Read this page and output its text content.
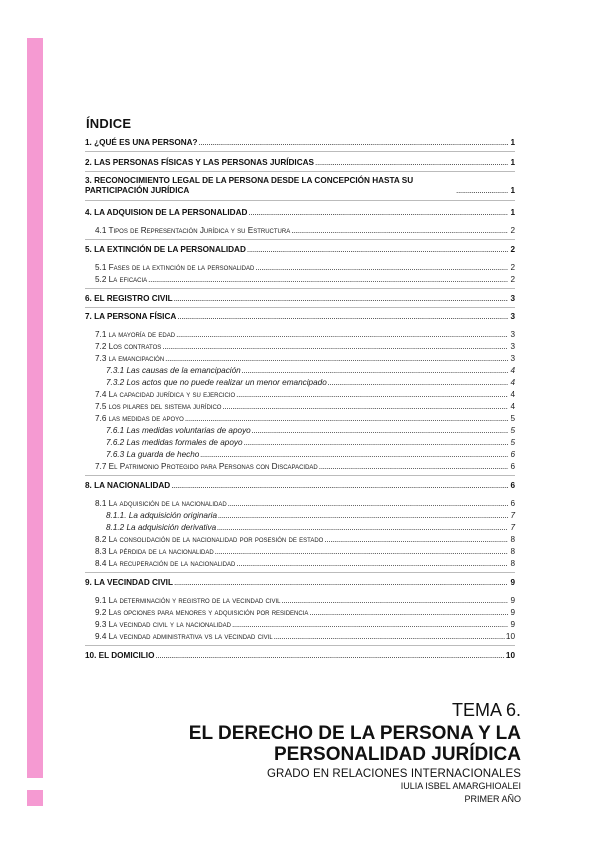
ÍNDICE
1. ¿QUÉ ES UNA PERSONA? . . .	1
2. LAS PERSONAS FÍSICAS Y LAS PERSONAS JURÍDICAS . . .	1
3. RECONOCIMIENTO LEGAL DE LA PERSONA DESDE LA CONCEPCIÓN HASTA SU PARTICIPACIÓN JURÍDICA . . .	1
4. LA ADQUISION DE LA PERSONALIDAD . . .	1
4.1 Tipos de Representación Jurídica y su Estructura . . .	2
5. LA EXTINCIÓN DE LA PERSONALIDAD . . .	2
5.1 Fases de la extinción de la personalidad . . .	2
5.2 La eficacia . . .	2
6. EL REGISTRO CIVIL . . .	3
7. LA PERSONA FÍSICA . . .	3
7.1 la mayoría de edad . . .	3
7.2 Los contratos . . .	3
7.3 la emancipación . . .	3
7.3.1 Las causas de la emancipación . . .	4
7.3.2 Los actos que no puede realizar un menor emancipado . . .	4
7.4 La capacidad jurídica y su ejercicio . . .	4
7.5 los pilares del sistema jurídico . . .	4
7.6 las medidas de apoyo . . .	5
7.6.1 Las medidas voluntarias de apoyo . . .	5
7.6.2 Las medidas formales de apoyo . . .	5
7.6.3 La guarda de hecho . . .	6
7.7 El Patrimonio Protegido para Personas con Discapacidad . . .	6
8. LA NACIONALIDAD . . .	6
8.1 La adquisición de la nacionalidad . . .	6
8.1.1. La adquisición originaria . . .	7
8.1.2 La adquisición derivativa . . .	7
8.2 La consolidación de la nacionalidad por posesión de estado . . .	8
8.3 La pérdida de la nacionalidad . . .	8
8.4 La recuperación de la nacionalidad . . .	8
9. LA VECINDAD CIVIL . . .	9
9.1 La determinación y registro de la vecindad civil . . .	9
9.2 Las opciones para menores y adquisición por residencia . . .	9
9.3 La vecindad civil y la nacionalidad . . .	9
9.4 La vecindad administrativa vs la vecindad civil . . .	10
10. EL DOMICILIO . . .	10
TEMA 6.
EL DERECHO DE LA PERSONA Y LA
PERSONALIDAD JURÍDICA
GRADO EN RELACIONES INTERNACIONALES
IULIA ISBEL AMARGHIOALEI
PRIMER AÑO
